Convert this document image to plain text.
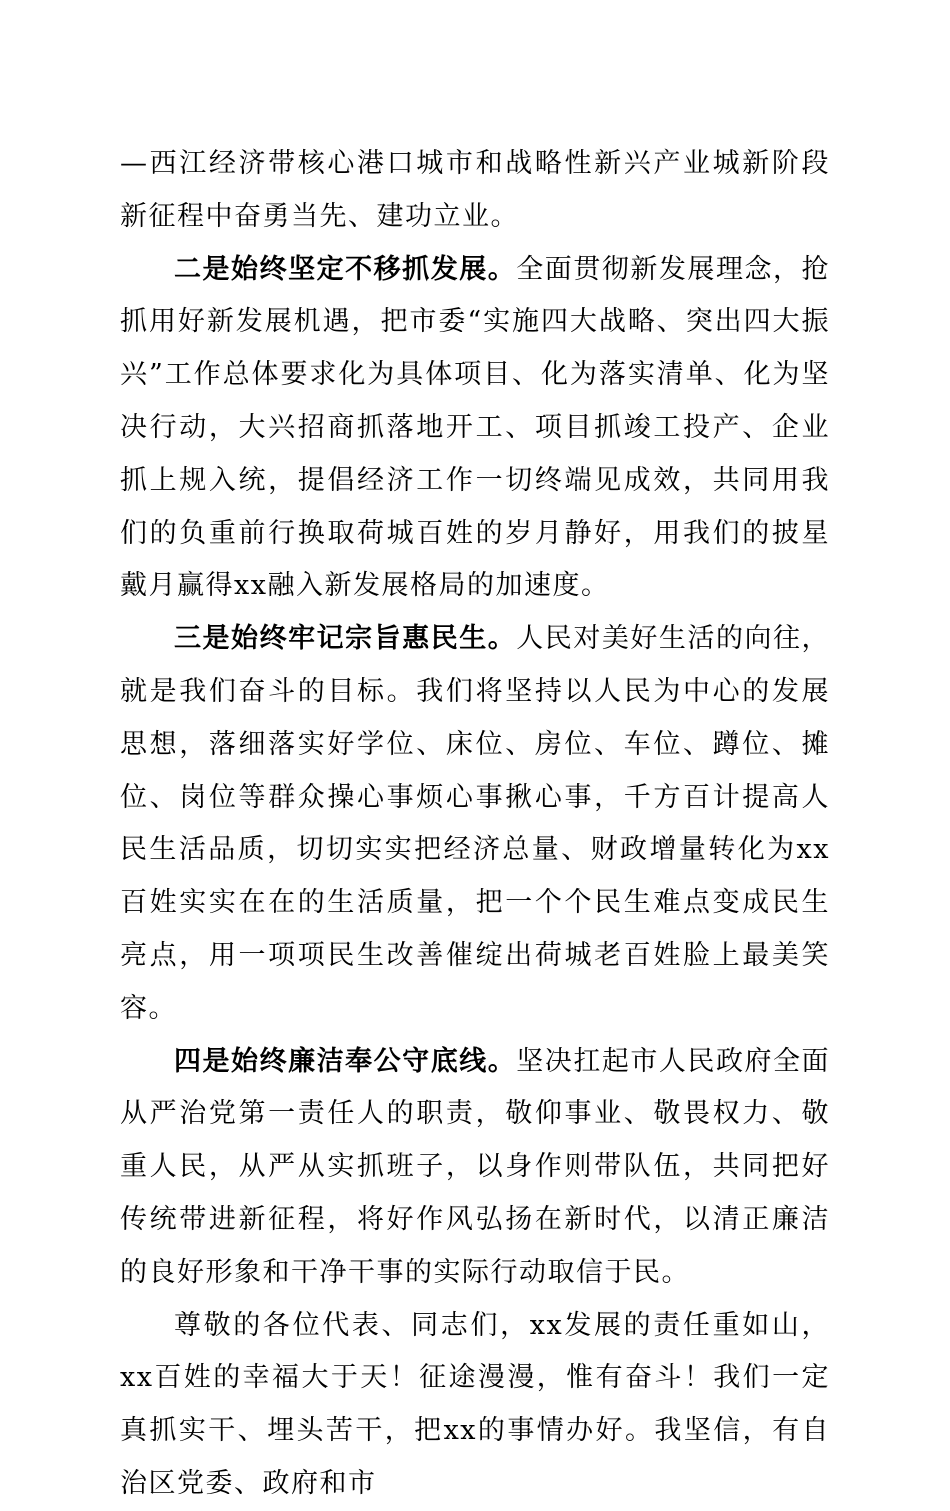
—西江经济带核心港口城市和战略性新兴产业城新阶段新征程中奋勇当先、建功立业。

二是始终坚定不移抓发展。全面贯彻新发展理念，抢抓用好新发展机遇，把市委“实施四大战略、突出四大振兴”工作总体要求化为具体项目、化为落实清单、化为坚决行动，大兴招商抓落地开工、项目抓竣工投产、企业抓上规入统，提倡经济工作一切终端见成效，共同用我们的负重前行换取荷城百姓的岁月静好，用我们的披星戴月赢得xx融入新发展格局的加速度。

三是始终牢记宗旨惠民生。人民对美好生活的向往，就是我们奋斗的目标。我们将坚持以人民为中心的发展思想，落细落实好学位、床位、房位、车位、蹲位、摊位、岗位等群众操心事烦心事揪心事，千方百计提高人民生活品质，切切实实把经济总量、财政增量转化为xx百姓实实在在的生活质量，把一个个民生难点变成民生亮点，用一项项民生改善催绽出荷城老百姓脸上最美笑容。

四是始终廉洁奉公守底线。坚决扛起市人民政府全面从严治党第一责任人的职责，敬仰事业、敬畏权力、敬重人民，从严从实抓班子，以身作则带队伍，共同把好传统带进新征程，将好作风弘扬在新时代，以清正廉洁的良好形象和干净干事的实际行动取信于民。

尊敬的各位代表、同志们，xx发展的责任重如山，xx百姓的幸福大于天！征途漫漫，惟有奋斗！我们一定真抓实干、埋头苦干，把xx的事情办好。我坚信，有自治区党委、政府和市
